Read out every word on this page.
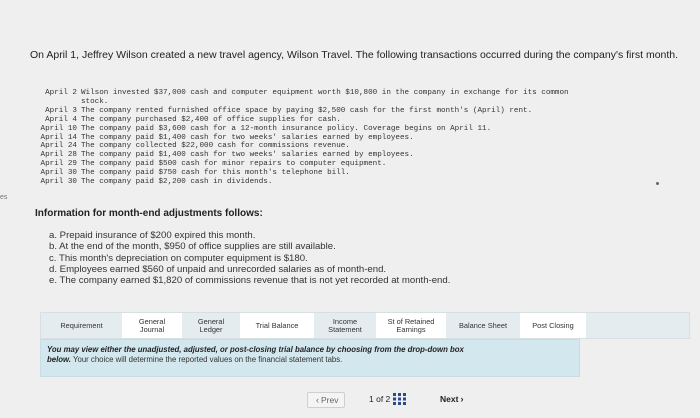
es
On April 1, Jeffrey Wilson created a new travel agency, Wilson Travel. The following transactions occurred during the company's first month.
April 2 Wilson invested $37,000 cash and computer equipment worth $10,800 in the company in exchange for its common
stock.
April 3 The company rented furnished office space by paying $2,500 cash for the first month's (April) rent.
April 4 The company purchased $2,400 of office supplies for cash.
April 10 The company paid $3,600 cash for a 12-month insurance policy. Coverage begins on April 11.
April 14 The company paid $1,400 cash for two weeks' salaries earned by employees.
April 24 The company collected $22,000 cash for commissions revenue.
April 28 The company paid $1,400 cash for two weeks' salaries earned by employees.
April 29 The company paid $500 cash for minor repairs to computer equipment.
April 30 The company paid $750 cash for this month's telephone bill.
April 30 The company paid $2,200 cash in dividends.
Information for month-end adjustments follows:
a. Prepaid insurance of $200 expired this month.
b. At the end of the month, $950 of office supplies are still available.
c. This month's depreciation on computer equipment is $180.
d. Employees earned $560 of unpaid and unrecorded salaries as of month-end.
e. The company earned $1,820 of commissions revenue that is not yet recorded at month-end.
Requirement	General
Journal
General
Ledger	Trial Balance	Income
Statement
St of Retained
Earnings	Balance Sheet	Post Closing
You may view either the unadjusted, adjusted, or post-closing trial balance by choosing from the drop-down box
below. Your choice will determine the reported values on the financial statement tabs.
‹ Prev	1 of 2	Next ›
